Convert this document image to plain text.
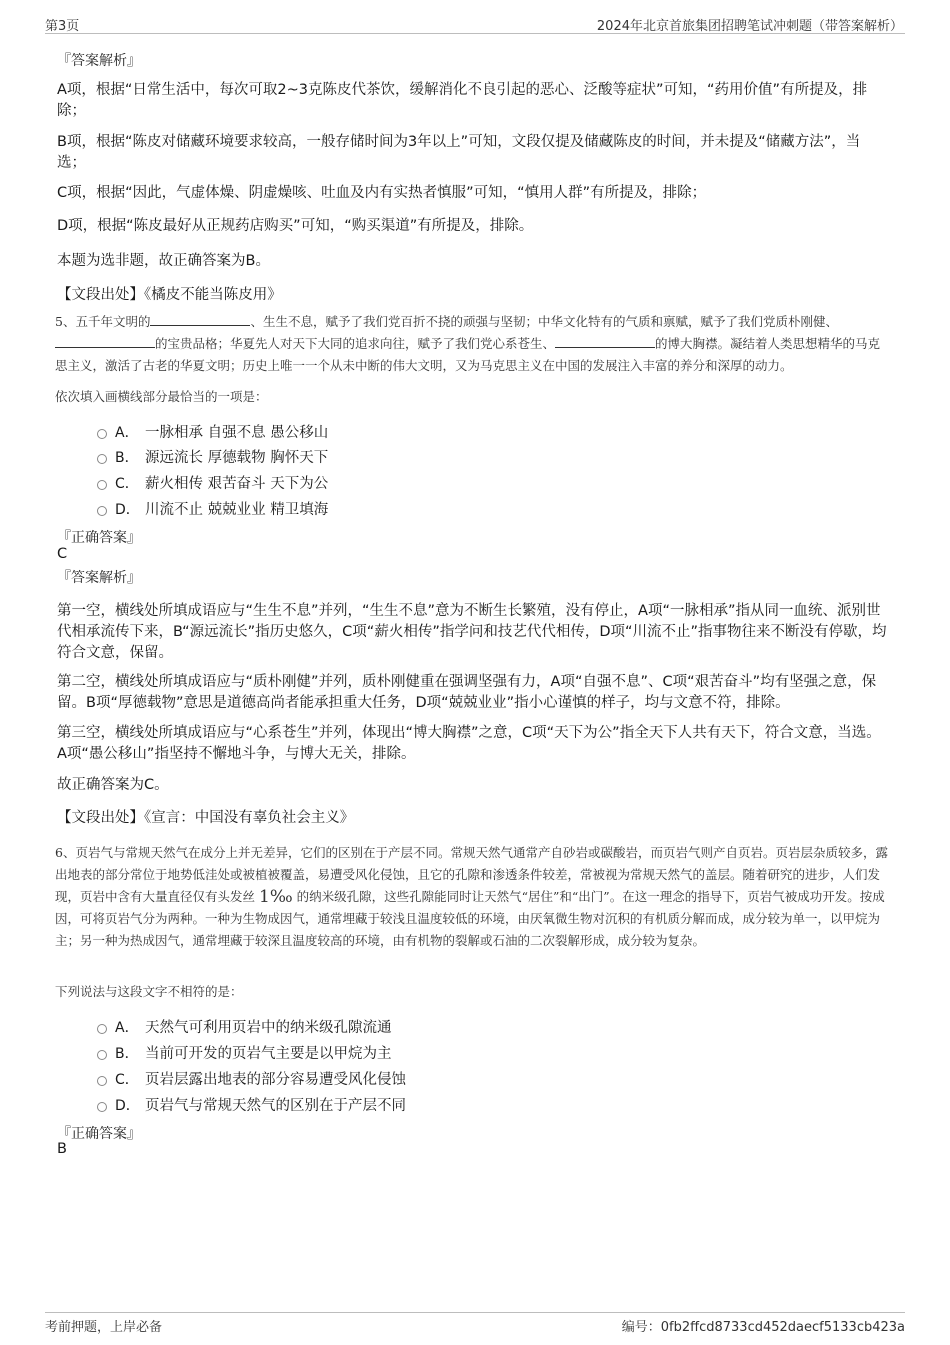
第3页	2024年北京首旅集团招聘笔试冲刺题（带答案解析）
『答案解析』
A项，根据“日常生活中，每次可取2~3克陈皮代茶饮，缓解消化不良引起的恶心、泛酸等症状”可知，“药用价值”有所提及，排除；
B项，根据“陈皮对储藏环境要求较高，一般存储时间为3年以上”可知，文段仅提及储藏陈皮的时间，并未提及“储藏方法”，当选；
C项，根据“因此，气虚体燥、阴虚燥咳、吐血及内有实热者慎服”可知，“慎用人群”有所提及，排除；
D项，根据“陈皮最好从正规药店购买”可知，“购买渠道”有所提及，排除。
本题为选非题，故正确答案为B。
【文段出处】《橘皮不能当陈皮用》
5、五千年文明的	、生生不息，赋予了我们党百折不挠的顽强与坚韧；中华文化特有的气质和禀赋，赋予了我们党质朴刚健、的宝贵品格；华夏先人对天下大同的追求向往，赋予了我们党心系苍生、	的博大胸襟。凝结着人类思想精华的马克思主义，激活了古老的华夏文明；历史上唯一一个从未中断的伟大文明，又为马克思主义在中国的发展注入丰富的养分和深厚的动力。
依次填入画横线部分最恰当的一项是：
A． 一脉相承 自强不息 愚公移山
B． 源远流长 厚德载物 胸怀天下
C． 薪火相传 艰苦奋斗 天下为公
D． 川流不止 兢兢业业 精卫填海
『正确答案』
C
『答案解析』
第一空，横线处所填成语应与“生生不息”并列，“生生不息”意为不断生长繁殖，没有停止，A项“一脉相承”指从同一血统、派别世代相承流传下来，B“源远流长”指历史悠久，C项“薪火相传”指学问和技艺代代相传，D项“川流不止”指事物往来不断没有停歇，均符合文意，保留。
第二空，横线处所填成语应与“质朴刚健”并列，质朴刚健重在强调坚强有力，A项“自强不息”、C项“艰苦奋斗”均有坚强之意，保留。B项“厚德载物”意思是道德高尚者能承担重大任务，D项“兢兢业业”指小心谨慎的样子，均与文意不符，排除。
第三空，横线处所填成语应与“心系苍生”并列，体现出“博大胸襟”之意，C项“天下为公”指全天下人共有天下，符合文意，当选。A项“愚公移山”指坚持不懈地斗争，与博大无关，排除。
故正确答案为C。
【文段出处】《宣言：中国没有辜负社会主义》
6、页岩气与常规天然气在成分上并无差异，它们的区别在于产层不同。常规天然气通常产自砂岩或碳酸岩，而页岩气则产自页岩。页岩层杂质较多，露出地表的部分常位于地势低洼处或被植被覆盖，易遭受风化侵蚀，且它的孔隙和渗透条件较差，常被视为常规天然气的盖层。随着研究的进步，人们发现，页岩中含有大量直径仅有头发丝 1‰ 的纳米级孔隙，这些孔隙能同时让天然气“居住”和“出门”。在这一理念的指导下，页岩气被成功开发。按成因，可将页岩气分为两种。一种为生物成因气，通常埋藏于较浅且温度较低的环境，由厌氧微生物对沉积的有机质分解而成，成分较为单一，以甲烷为主；另一种为热成因气，通常埋藏于较深且温度较高的环境，由有机物的裂解或石油的二次裂解形成，成分较为复杂。
下列说法与这段文字不相符的是：
A． 天然气可利用页岩中的纳米级孔隙流通
B． 当前可开发的页岩气主要是以甲烷为主
C． 页岩层露出地表的部分容易遭受风化侵蚀
D． 页岩气与常规天然气的区别在于产层不同
『正确答案』
B
考前押题，上岸必备	编号：0fb2ffcd8733cd452daecf5133cb423a
